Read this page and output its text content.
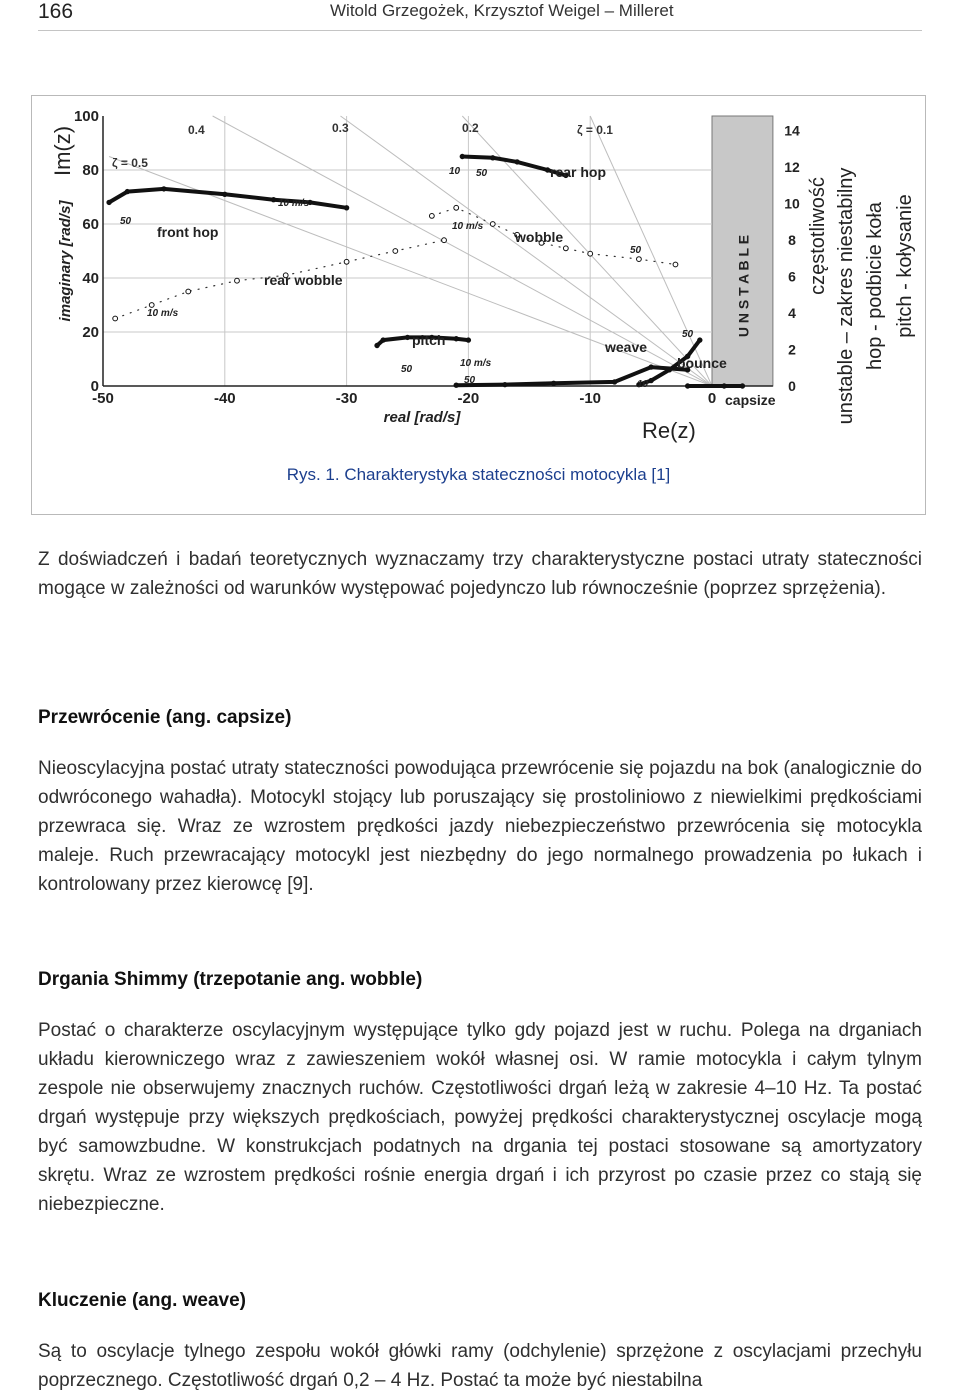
166	Witold Grzegożek, Krzysztof Weigel – Milleret
U N S T A B L E
ζ = 0.5
0.4	0.3	0.2	ζ = 0.1
-50	-40	-30	-20	-10	0
0
20
40
60
80
100
Im(z)
imaginary [rad/s]
real [rad/s]
Re(z)
0
2
4
6
8
10
12
14
częstotliwość unstable – zakres niestabilny hop - podbicie koła pitch - kołysanie
front hop
10 m/s
50
rear hop
10 50
wobble
10 m/s
50
rear wobble
10 m/s
pitch
50
weave
10
50
bounce
10 m/s
50
capsize
Rys. 1. Charakterystyka stateczności motocykla [1]

Z doświadczeń i badań teoretycznych wyznaczamy trzy charakterystyczne postaci utraty stateczności mogące w zależności od warunków występować pojedynczo lub równocześnie (poprzez sprzężenia).

Przewrócenie (ang. capsize)

Nieoscylacyjna postać utraty stateczności powodująca przewrócenie się pojazdu na bok (analogicznie do odwróconego wahadła). Motocykl stojący lub poruszający się prostoliniowo z niewielkimi prędkościami przewraca się. Wraz ze wzrostem prędkości jazdy niebezpieczeństwo przewrócenia się motocykla maleje. Ruch przewracający motocykl jest niezbędny do jego normalnego prowadzenia po łukach i kontrolowany przez kierowcę [9].

Drgania Shimmy (trzepotanie ang. wobble)

Postać o charakterze oscylacyjnym występujące tylko gdy pojazd jest w ruchu. Polega na drganiach układu kierowniczego wraz z zawieszeniem wokół własnej osi. W ramie motocykla i całym tylnym zespole nie obserwujemy znacznych ruchów. Częstotliwości drgań leżą w zakresie 4–10 Hz. Ta postać drgań występuje przy większych prędkościach, powyżej prędkości charakterystycznej oscylacje mogą być samowzbudne. W konstrukcjach podatnych na drgania tej postaci stosowane są amortyzatory skrętu. Wraz ze wzrostem prędkości rośnie energia drgań i ich przyrost po czasie przez co stają się niebezpieczne.

Kluczenie (ang. weave)

Są to oscylacje tylnego zespołu wokół główki ramy (odchylenie) sprzężone z oscylacjami przechyłu poprzecznego. Częstotliwość drgań 0,2 – 4 Hz. Postać ta może być niestabilna
